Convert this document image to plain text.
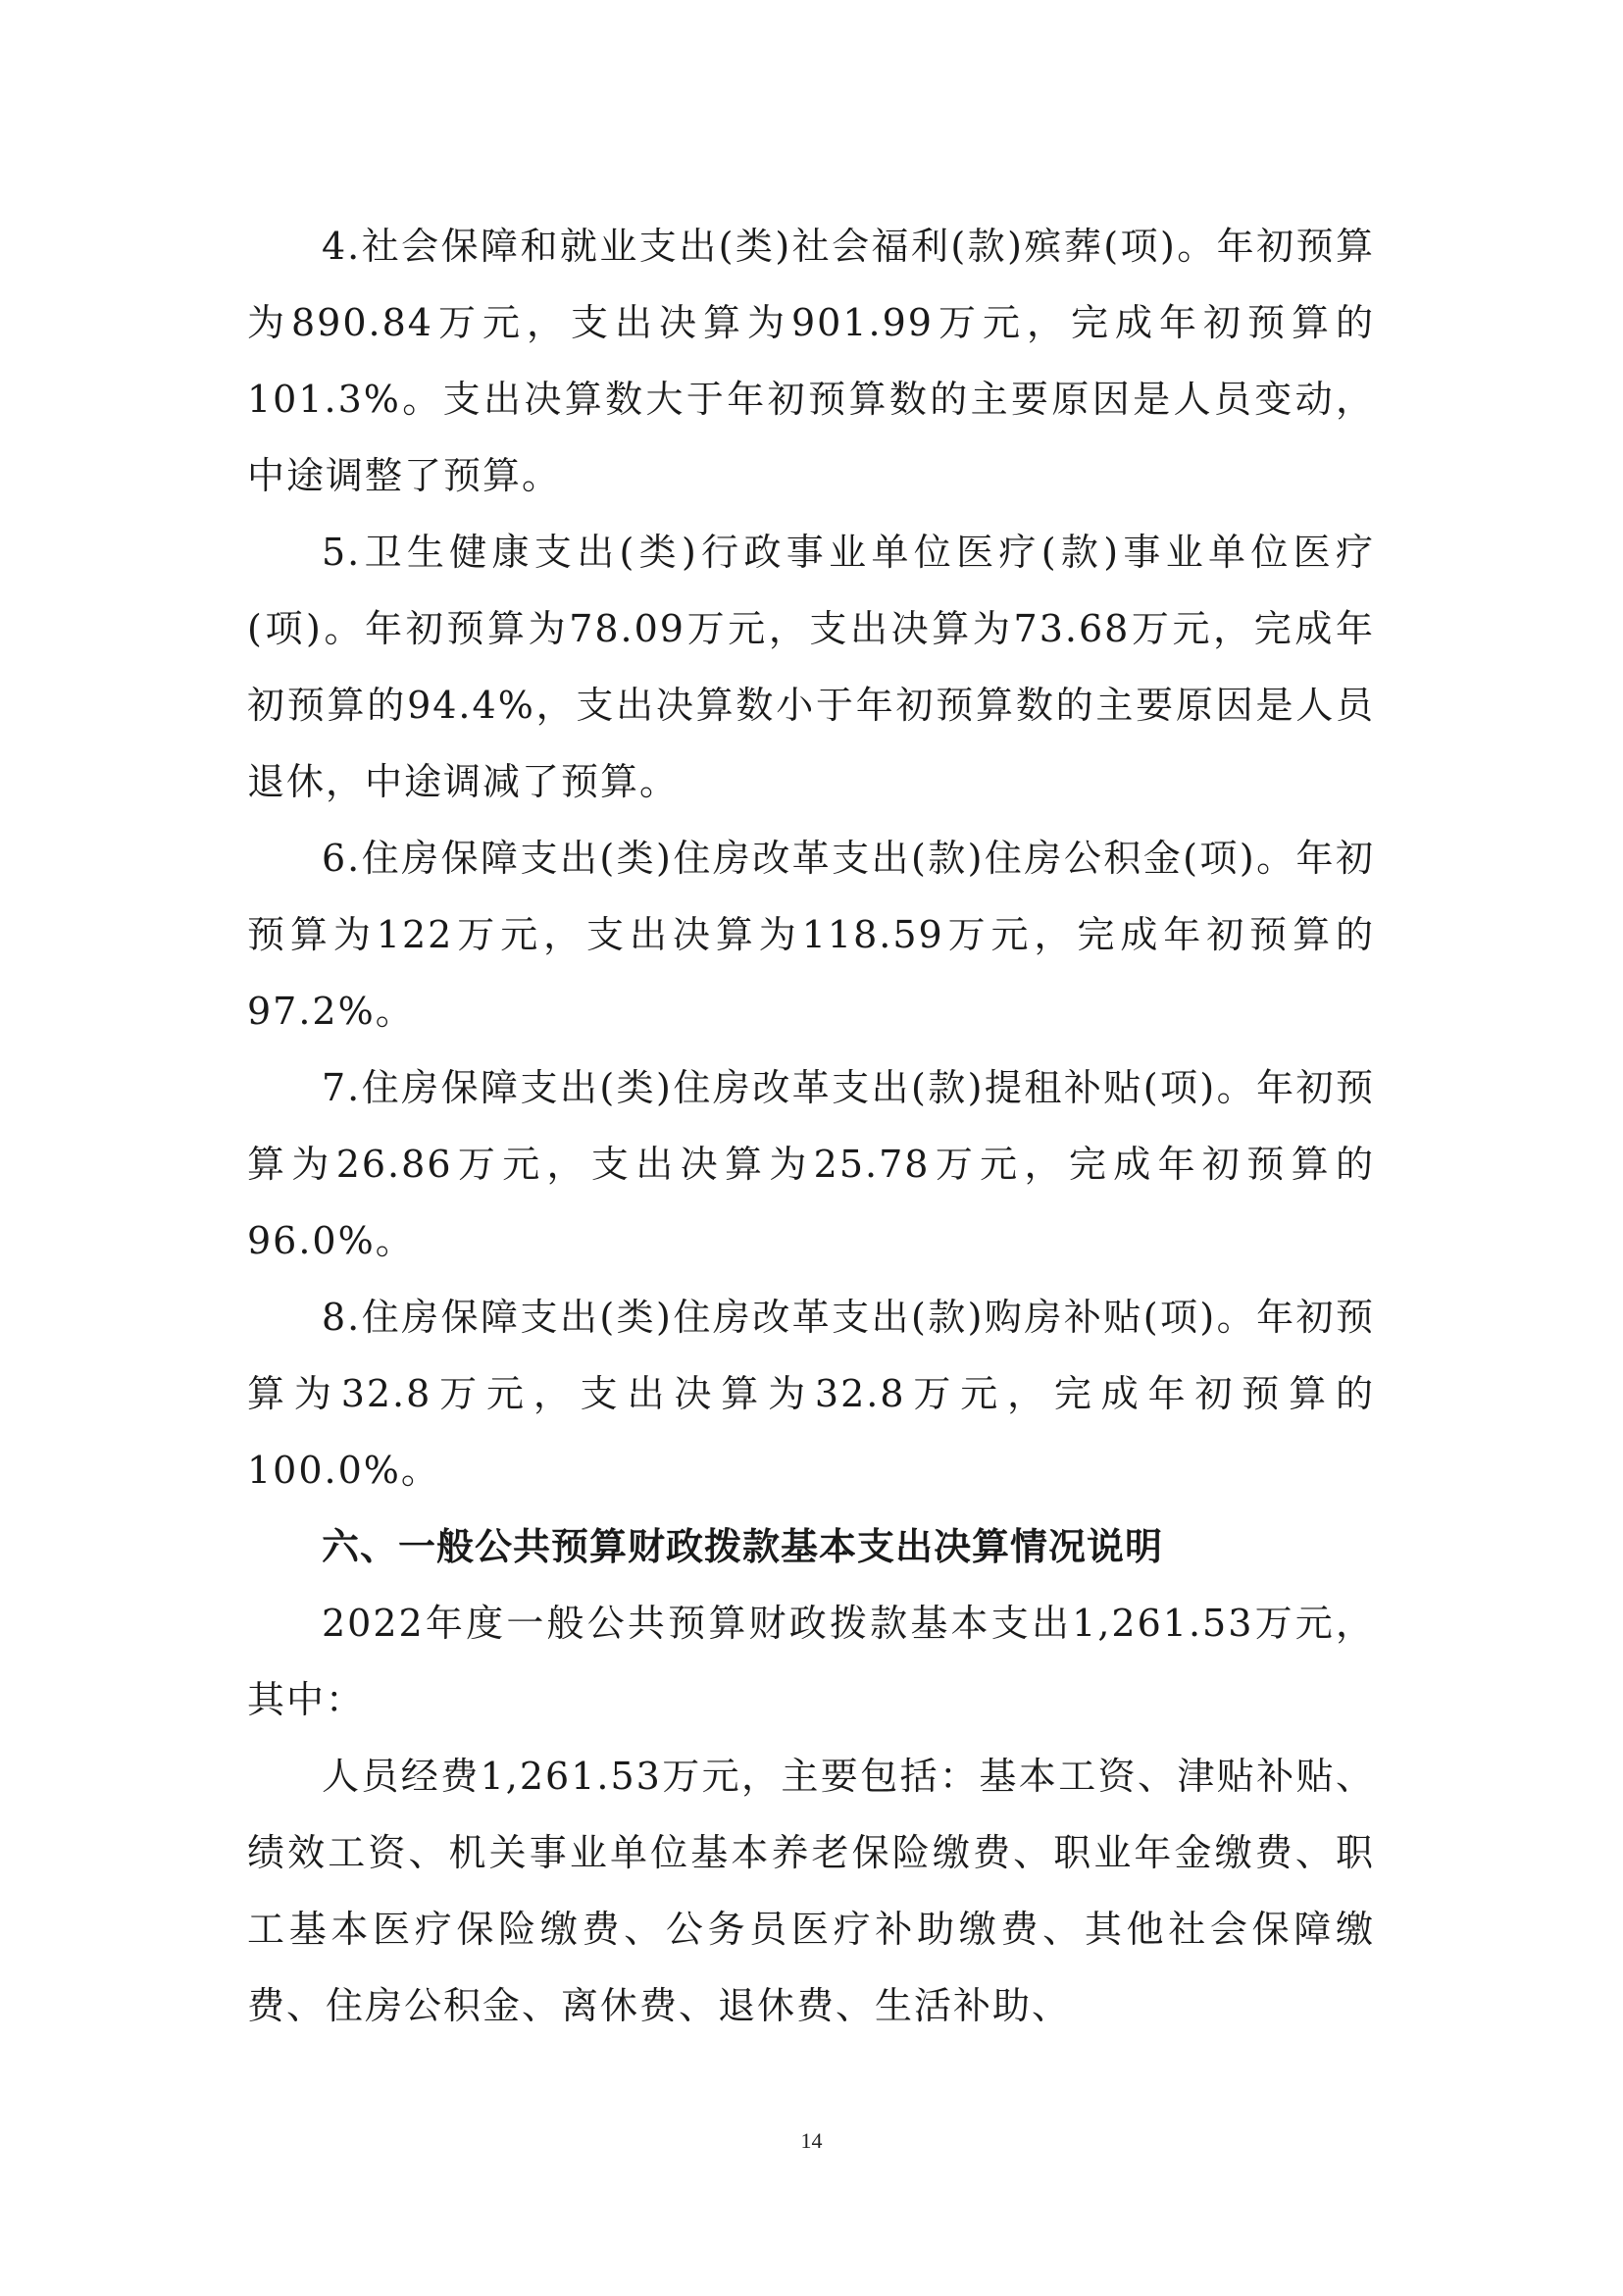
4.社会保障和就业支出(类)社会福利(款)殡葬(项)。年初预算为890.84万元，支出决算为901.99万元，完成年初预算的101.3%。支出决算数大于年初预算数的主要原因是人员变动，中途调整了预算。

5.卫生健康支出(类)行政事业单位医疗(款)事业单位医疗(项)。年初预算为78.09万元，支出决算为73.68万元，完成年初预算的94.4%，支出决算数小于年初预算数的主要原因是人员退休，中途调减了预算。

6.住房保障支出(类)住房改革支出(款)住房公积金(项)。年初预算为122万元，支出决算为118.59万元，完成年初预算的97.2%。

7.住房保障支出(类)住房改革支出(款)提租补贴(项)。年初预算为26.86万元，支出决算为25.78万元，完成年初预算的96.0%。

8.住房保障支出(类)住房改革支出(款)购房补贴(项)。年初预算为32.8万元，支出决算为32.8万元，完成年初预算的100.0%。

六、一般公共预算财政拨款基本支出决算情况说明

2022年度一般公共预算财政拨款基本支出1,261.53万元，其中：

人员经费1,261.53万元，主要包括：基本工资、津贴补贴、绩效工资、机关事业单位基本养老保险缴费、职业年金缴费、职工基本医疗保险缴费、公务员医疗补助缴费、其他社会保障缴费、住房公积金、离休费、退休费、生活补助、

14
